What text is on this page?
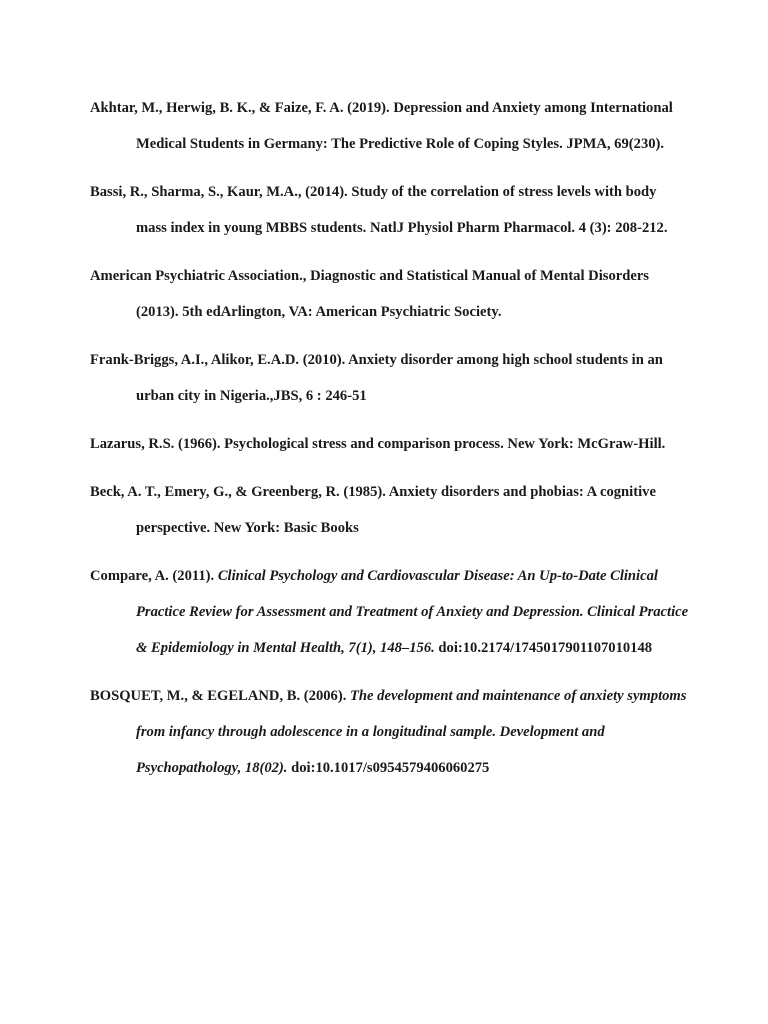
Akhtar, M., Herwig, B. K., & Faize, F. A. (2019). Depression and Anxiety among International Medical Students in Germany: The Predictive Role of Coping Styles. JPMA, 69(230).

Bassi, R., Sharma, S., Kaur, M.A., (2014). Study of the correlation of stress levels with body mass index in young MBBS students. NatlJ Physiol Pharm Pharmacol. 4 (3): 208-212.

American Psychiatric Association., Diagnostic and Statistical Manual of Mental Disorders (2013). 5th edArlington, VA: American Psychiatric Society.

Frank-Briggs, A.I., Alikor, E.A.D. (2010). Anxiety disorder among high school students in an urban city in Nigeria.,JBS, 6 : 246-51

Lazarus, R.S. (1966). Psychological stress and comparison process. New York: McGraw-Hill.

Beck, A. T., Emery, G., & Greenberg, R. (1985). Anxiety disorders and phobias: A cognitive perspective. New York: Basic Books

Compare, A. (2011). Clinical Psychology and Cardiovascular Disease: An Up-to-Date Clinical Practice Review for Assessment and Treatment of Anxiety and Depression. Clinical Practice & Epidemiology in Mental Health, 7(1), 148–156. doi:10.2174/1745017901107010148

BOSQUET, M., & EGELAND, B. (2006). The development and maintenance of anxiety symptoms from infancy through adolescence in a longitudinal sample. Development and Psychopathology, 18(02). doi:10.1017/s0954579406060275
